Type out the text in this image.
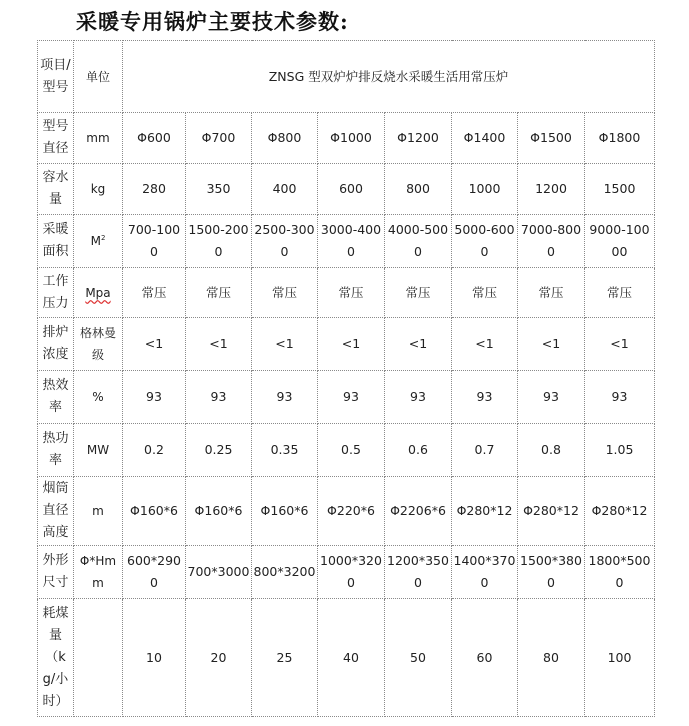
采暖专用锅炉主要技术参数:
项目/型号	单位	ZNSG 型双炉炉排反烧水采暖生活用常压炉							
型号直径	mm	Φ600	Φ700	Φ800	Φ1000	Φ1200	Φ1400	Φ1500	Φ1800
容水量	kg	280	350	400	600	800	1000	1200	1500
采暖面积	$M^2$	700-1000	1500-2000	2500-3000	3000-4000	4000-5000	5000-6000	7000-8000	9000-10000
工作压力	Mpa	常压	常压	常压	常压	常压	常压	常压	常压
排炉浓度	格林曼级	<1	<1	<1	<1	<1	<1	<1	<1
热效率	%	93	93	93	93	93	93	93	93
热功率	MW	0.2	0.25	0.35	0.5	0.6	0.7	0.8	1.05
烟筒直径高度	m	Φ160*6	Φ160*6	Φ160*6	Φ220*6	Φ2206*6	Φ280*12	Φ280*12	Φ280*12
外形尺寸	Φ*Hmm	600*2900	700*3000	800*3200	1000*3200	1200*3500	1400*3700	1500*3800	1800*5000
耗煤量（kg/小时）		10	20	25	40	50	60	80	100
